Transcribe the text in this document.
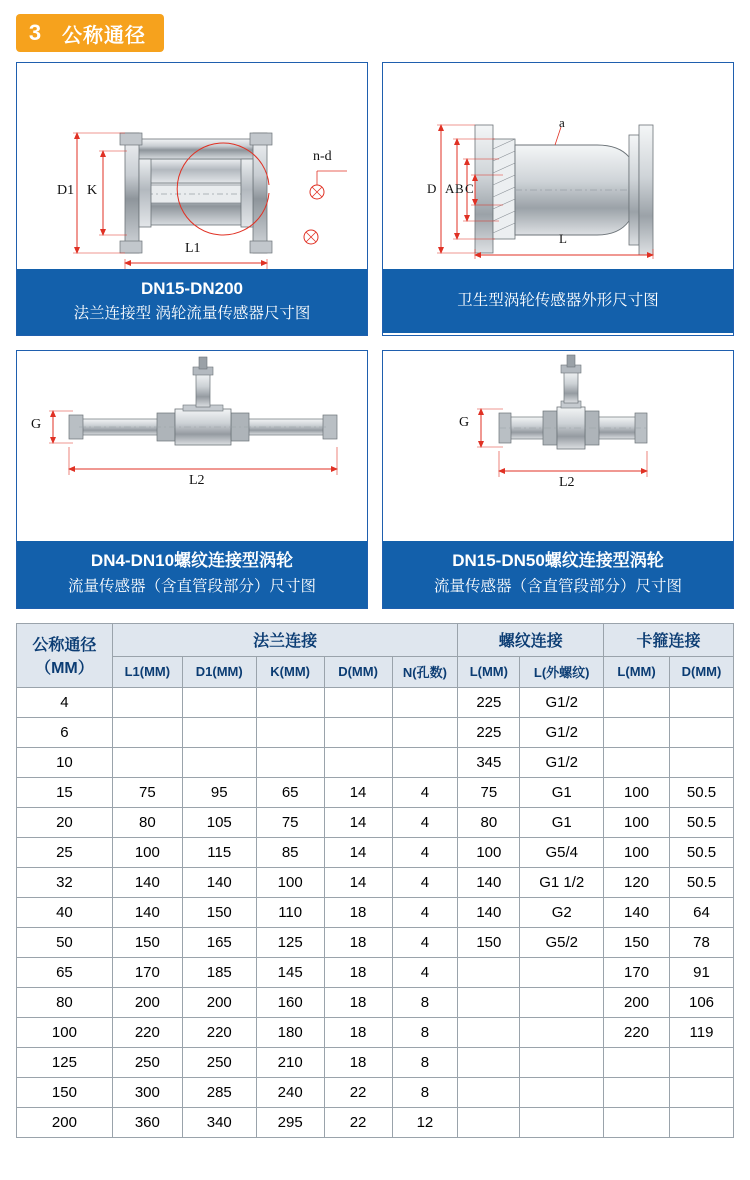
3	公称通径
n-d
D1 K
L1
DN15-DN200
法兰连接型 涡轮流量传感器尺寸图
a
D A B C
L
卫生型涡轮传感器外形尺寸图
G
L2
DN4-DN10螺纹连接型涡轮
流量传感器（含直管段部分）尺寸图
G
L2
DN15-DN50螺纹连接型涡轮
流量传感器（含直管段部分）尺寸图
公称通径
（MM）	法兰连接					螺纹连接		卡箍连接	
	L1(MM)	D1(MM)	K(MM)	D(MM)	N(孔数)	L(MM)	L(外螺纹)	L(MM)	D(MM)
4						225	G1/2		
6						225	G1/2		
10						345	G1/2		
15	75	95	65	14	4	75	G1	100	50.5
20	80	105	75	14	4	80	G1	100	50.5
25	100	115	85	14	4	100	G5/4	100	50.5
32	140	140	100	14	4	140	G1 1/2	120	50.5
40	140	150	110	18	4	140	G2	140	64
50	150	165	125	18	4	150	G5/2	150	78
65	170	185	145	18	4			170	91
80	200	200	160	18	8			200	106
100	220	220	180	18	8			220	119
125	250	250	210	18	8				
150	300	285	240	22	8				
200	360	340	295	22	12				
